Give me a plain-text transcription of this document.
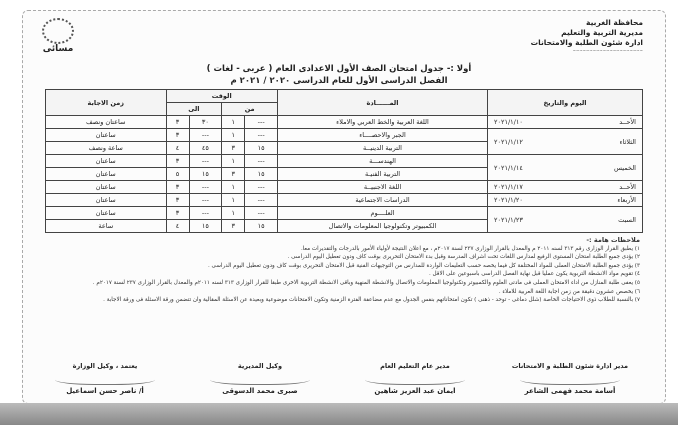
محافظة الغربية
مديرية التربية والتعليم
ادارة شئون الطلبة والامتحانات
~~~~~~~~~~~~~~~~~~~~~
مسائى
أولا :- جدول امتحان الصف الأول الاعدادى العام ( عربى - لغات )
الفصل الدراسى الأول للعام الدراسى ٢٠٢٠ / ٢٠٢١ م
اليوم والتاريخ	المــــــادة	الوقت				زمن الاجابة
		من		الى		

الأحــد
٢٠٢١/١/١٠	اللغة العربية والخط العربي والاملاء	---	١	٣٠	٣	ساعتان ونصف

الثلاثاء
٢٠٢١/١/١٢	الجبر والاحصــــاء	---	١	---	٣	ساعتان
	التربية الدينيــة	١٥	٣	٤٥	٤	ساعة ونصف

الخميس
٢٠٢١/١/١٤	الهندســـة	---	١	---	٣	ساعتان
	التربية الفنيـة	١٥	٣	١٥	٥	ساعتان

الأحــد
٢٠٢١/١/١٧	اللغة الاجنبيــة	---	١	---	٣	ساعتان

الأربعاء
٢٠٢١/١/٢٠	الدراسات الاجتماعية	---	١	---	٣	ساعتان

السبت
٢٠٢١/١/٢٣	العلــــوم	---	١	---	٣	ساعتان
	الكمبيوتر وتكنولوجيا المعلومات والاتصال	١٥	٣	١٥	٤	ساعة
ملاحظات هامة :-
١) يطبق القرار الوزارى رقم ٣١٣ لسنه ٢٠١١ م والمعدل بالقرار الوزارى ٢٣٧ لسنة ٢٠١٧م ، مع اعلان النتيجة لأولياء الأمور بالدرجات والتقديرات معا.
٢) يؤدى جميع الطلبة امتحان المستوى الرفيع لمدارس اللغات تحت اشراف المدرسة وقبل بدء الامتحان التحريرى بوقت كاف ودون تعطيل اليوم الدراسى .
٣) يؤدى جميع الطلبة الامتحان العملى للمواد المختلفة كل فيما يخصه حسب التعليمات الواردة للمدارس من التوجيهات الفنية قبل الامتحان التحريرى بوقت كاف ودون تعطيل اليوم الدراسى .
٤) تقويم مواد الانشطة التربوية يكون عمليا قبل نهاية الفصل الدراسى باسبوعين على الاقل .
٥) يعفى طلبة المنازل من اداء الامتحان العملى فى مادتى العلوم والكمبيوتر وتكنولوجيا المعلومات والاتصال والانشطة المنهية وباقى الانشطة التربوية الاخرى طبقا للقرار الوزارى ٣١٣ لسنه ٢٠١١م والمعدل بالقرار الوزارى ٢٣٧ لسنة ٢٠١٧م .
٦) يخصص عشرون دقيقة من زمن اجابة اللغة العربية للاملاء .
٧) بالنسبة للطلاب ذوى الاحتياجات الخاصة (شلل دماغى - توحد - ذهنى ) تكون امتحاناتهم بنفس الجدول مع عدم مضاعفة الفترة الزمنية وتكون الامتحانات موضوعية وبعيدة عن الاسئلة المقالية وان تتضمن ورقة الاسئلة فى ورقة الاجابة .
مدير ادارة شئون الطلبة و الامتحانات
أسامة محمد فهمى الشاعر
مدير عام التعليم العام
ايمان عبد العزيز شاهين
وكيل المديرية
صبرى محمد الدسوقى
يعتمد ، وكيل الوزارة
أ/ ناصر حسن اسماعيل
